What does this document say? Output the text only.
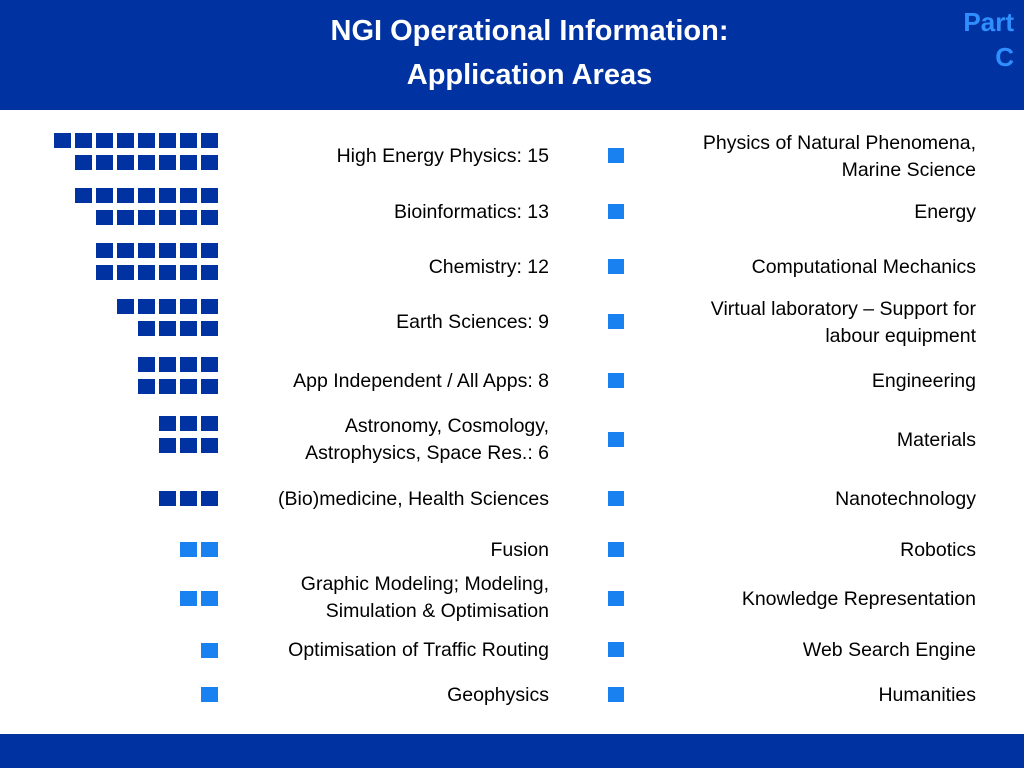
NGI Operational Information:
Application Areas
Part
C
High Energy Physics: 15
Bioinformatics: 13
Chemistry: 12
Earth Sciences: 9
App Independent / All Apps: 8
Astronomy, Cosmology,
Astrophysics, Space Res.: 6
(Bio)medicine, Health Sciences
Fusion
Graphic Modeling; Modeling,
Simulation & Optimisation
Optimisation of Traffic Routing
Geophysics
Physics of Natural Phenomena,
Marine Science
Energy
Computational Mechanics
Virtual laboratory – Support for
labour equipment
Engineering
Materials
Nanotechnology
Robotics
Knowledge Representation
Web Search Engine
Humanities
